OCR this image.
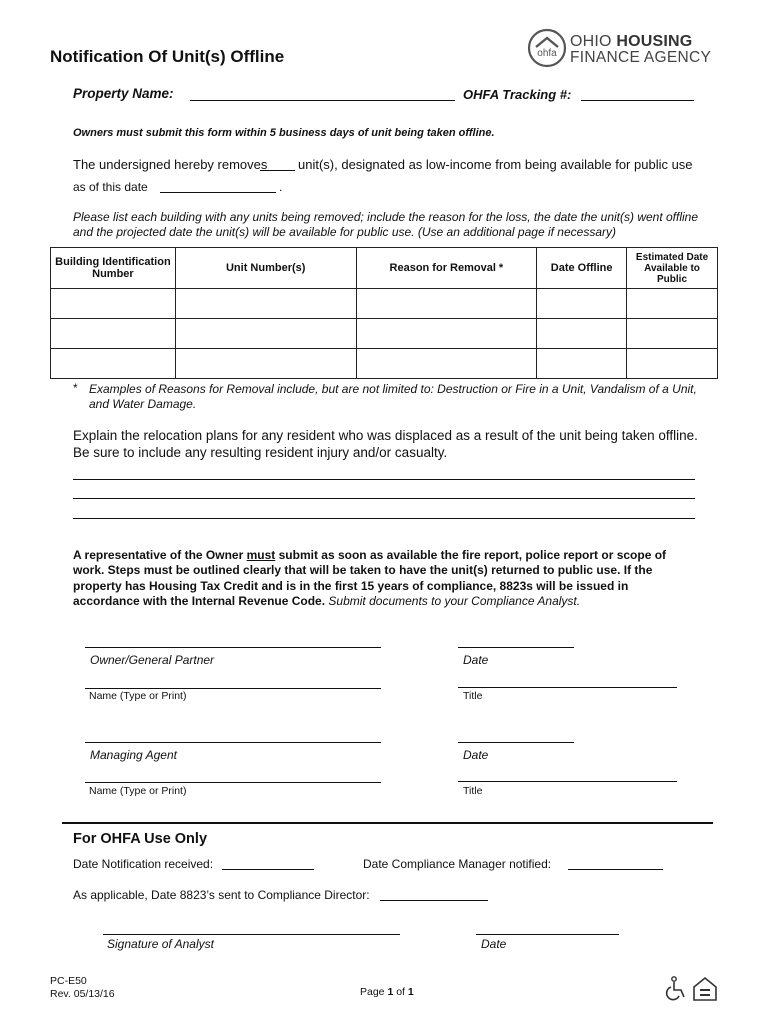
Notification Of Unit(s) Offline	ohfa
OHIO HOUSING
FINANCE AGENCY
Property Name:	OHFA Tracking #:
Owners must submit this form within 5 business days of unit being taken offline.
The undersigned hereby removes unit(s), designated as low-income from being available for public use
as of this date	.
Please list each building with any units being removed; include the reason for the loss, the date the unit(s) went offline and the projected date the unit(s) will be available for public use. (Use an additional page if necessary)
Building Identification Number	Unit Number(s)	Reason for Removal *	Date Offline	Estimated Date Available to Public

* Examples of Reasons for Removal include, but are not limited to: Destruction or Fire in a Unit, Vandalism of a Unit, and Water Damage.
Explain the relocation plans for any resident who was displaced as a result of the unit being taken offline. Be sure to include any resulting resident injury and/or casualty.
A representative of the Owner must submit as soon as available the fire report, police report or scope of work. Steps must be outlined clearly that will be taken to have the unit(s) returned to public use. If the property has Housing Tax Credit and is in the first 15 years of compliance, 8823s will be issued in accordance with the Internal Revenue Code. Submit documents to your Compliance Analyst.
Owner/General Partner	Date
Name (Type or Print)	Title
Managing Agent	Date
Name (Type or Print)	Title
For OHFA Use Only
Date Notification received:	Date Compliance Manager notified:
As applicable, Date 8823’s sent to Compliance Director:
Signature of Analyst	Date
PC-E50
Rev. 05/13/16	Page 1 of 1
